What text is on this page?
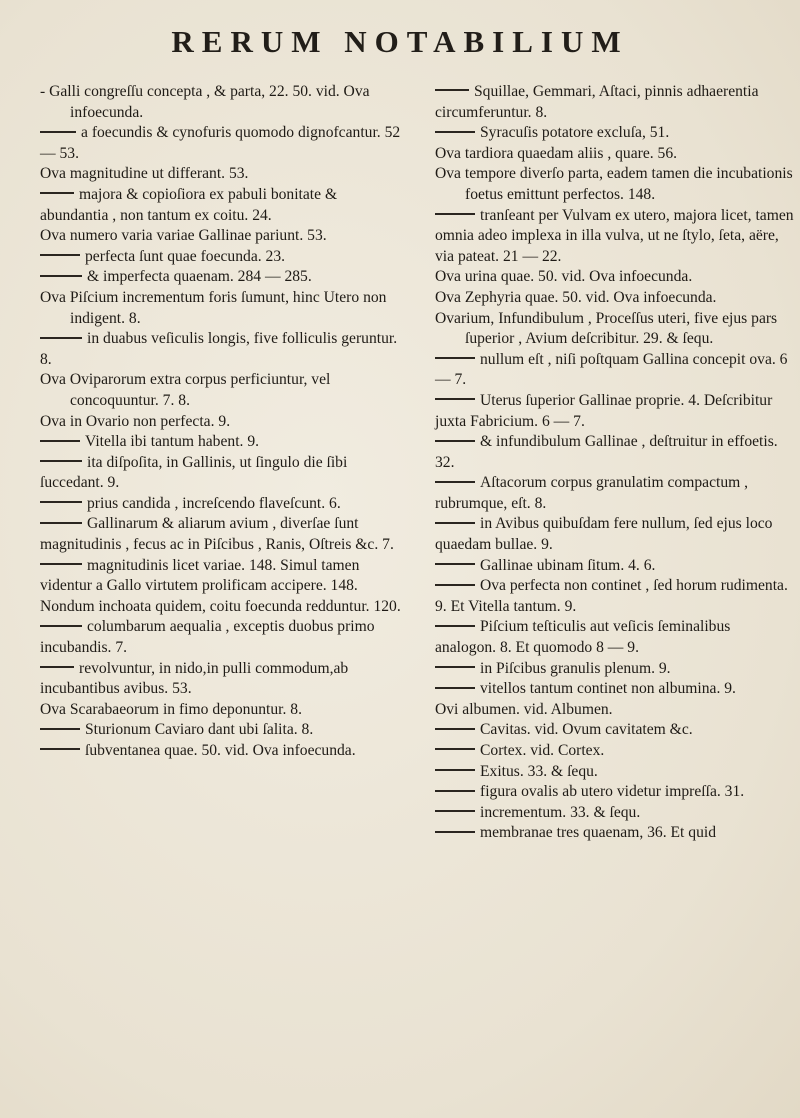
RERUM NOTABILIUM

- Galli congreſſu concepta , & parta, 22. 50. vid. Ova infoecunda.

a foecundis & cynofuris quomodo dignofcantur. 52 — 53.

Ova magnitudine ut differant. 53.

majora & copioſiora ex pabuli bonitate & abundantia , non tantum ex coitu. 24.

Ova numero varia variae Gallinae pariunt. 53.

perfecta ſunt quae foecunda. 23.

& imperfecta quaenam. 284 — 285.

Ova Piſcium incrementum foris ſumunt, hinc Utero non indigent. 8.

in duabus veſiculis longis, five folliculis geruntur. 8.

Ova Oviparorum extra corpus perficiuntur, vel concoquuntur. 7. 8.

Ova in Ovario non perfecta. 9.

Vitella ibi tantum habent. 9.

ita diſpoſita, in Gallinis, ut ſingulo die ſibi ſuccedant. 9.

prius candida , increſcendo flaveſcunt. 6.

Gallinarum & aliarum avium , diverſae ſunt magnitudinis , fecus ac in Piſcibus , Ranis, Oſtreis &c. 7.

magnitudinis licet variae. 148. Simul tamen videntur a Gallo virtutem prolificam accipere. 148. Nondum inchoata quidem, coitu foecunda redduntur. 120.

columbarum aequalia , exceptis duobus primo incubandis. 7.

revolvuntur, in nido,in pulli commodum,ab incubantibus avibus. 53.

Ova Scarabaeorum in fimo deponuntur. 8.

Sturionum Caviaro dant ubi ſalita. 8.

ſubventanea quae. 50. vid. Ova infoecunda.

Squillae, Gemmari, Aſtaci, pinnis adhaerentia circumferuntur. 8.

Syracuſis potatore excluſa, 51.

Ova tardiora quaedam aliis , quare. 56.

Ova tempore diverſo parta, eadem tamen die incubationis foetus emittunt perfectos. 148.

tranſeant per Vulvam ex utero, majora licet, tamen omnia adeo implexa in illa vulva, ut ne ſtylo, ſeta, aëre, via pateat. 21 — 22.

Ova urina quae. 50. vid. Ova infoecunda.

Ova Zephyria quae. 50. vid. Ova infoecunda.

Ovarium, Infundibulum , Proceſſus uteri, five ejus pars ſuperior , Avium deſcribitur. 29. & ſequ.

nullum eſt , niſi poſtquam Gallina concepit ova. 6 — 7.

Uterus ſuperior Gallinae proprie. 4. Deſcribitur juxta Fabricium. 6 — 7.

& infundibulum Gallinae , deſtruitur in effoetis. 32.

Aſtacorum corpus granulatim compactum , rubrumque, eſt. 8.

in Avibus quibuſdam fere nullum, ſed ejus loco quaedam bullae. 9.

Gallinae ubinam ſitum. 4. 6.

Ova perfecta non continet , ſed horum rudimenta. 9. Et Vitella tantum. 9.

Piſcium teſticulis aut veſicis ſeminalibus analogon. 8. Et quomodo 8 — 9.

in Piſcibus granulis plenum. 9.

vitellos tantum continet non albumina. 9.

Ovi albumen. vid. Albumen.

Cavitas. vid. Ovum cavitatem &c.

Cortex. vid. Cortex.

Exitus. 33. & ſequ.

figura ovalis ab utero videtur impreſſa. 31.

incrementum. 33. & ſequ.

membranae tres quaenam, 36. Et quid
